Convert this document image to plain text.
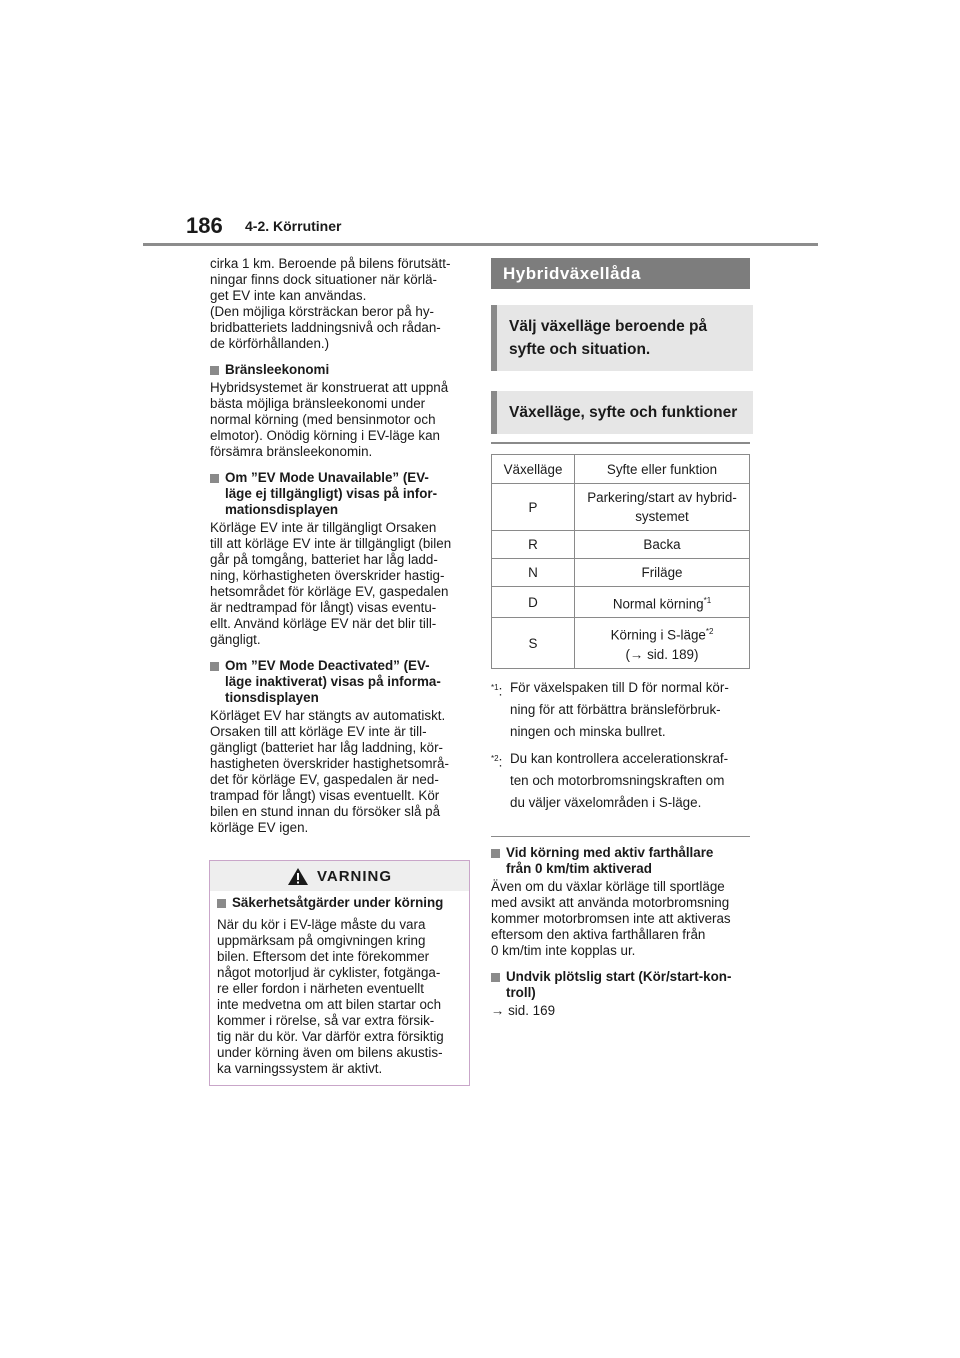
186 4-2. Körrutiner

cirka 1 km. Beroende på bilens förutsätt-
ningar finns dock situationer när körlä-
get EV inte kan användas.
(Den möjliga körsträckan beror på hy-
bridbatteriets laddningsnivå och rådan-
de körförhållanden.)

Bränsleekonomi
Hybridsystemet är konstruerat att uppnå
bästa möjliga bränsleekonomi under
normal körning (med bensinmotor och
elmotor). Onödig körning i EV-läge kan
försämra bränsleekonomin.
Om ”EV Mode Unavailable” (EV-
läge ej tillgängligt) visas på infor-
mationsdisplayen
Körläge EV inte är tillgängligt Orsaken
till att körläge EV inte är tillgängligt (bilen
går på tomgång, batteriet har låg ladd-
ning, körhastigheten överskrider hastig-
hetsområdet för körläge EV, gaspedalen
är nedtrampad för långt) visas eventu-
ellt. Använd körläge EV när det blir till-
gängligt.
Om ”EV Mode Deactivated” (EV-
läge inaktiverat) visas på informa-
tionsdisplayen
Körläget EV har stängts av automatiskt.
Orsaken till att körläge EV inte är till-
gängligt (batteriet har låg laddning, kör-
hastigheten överskrider hastighetsområ-
det för körläge EV, gaspedalen är ned-
trampad för långt) visas eventuellt. Kör
bilen en stund innan du försöker slå på
körläge EV igen.
VARNING
Säkerhetsåtgärder under körning
När du kör i EV-läge måste du vara
uppmärksam på omgivningen kring
bilen. Eftersom det inte förekommer
något motorljud är cyklister, fotgänga-
re eller fordon i närheten eventuellt
inte medvetna om att bilen startar och
kommer i rörelse, så var extra försik-
tig när du kör. Var därför extra försiktig
under körning även om bilens akustis-
ka varningssystem är aktivt.
Hybridväxellåda
Välj växelläge beroende på syfte och situation.
Växelläge, syfte och funktioner
Växelläge	Syfte eller funktion
P	Parkering/start av hybrid-
systemet
R	Backa
N	Friläge
D	Normal körning$^{*1}$
S	Körning i S-läge$^{*2}$
(→ sid. 189)
$^{*1}$: För växelspaken till D för normal kör-
ning för att förbättra bränsleförbruk-
ningen och minska bullret.
$^{*2}$: Du kan kontrollera accelerationskraf-
ten och motorbromsningskraften om
du väljer växelområden i S-läge.
Vid körning med aktiv farthållare
från 0 km/tim aktiverad
Även om du växlar körläge till sportläge
med avsikt att använda motorbromsning
kommer motorbromsen inte att aktiveras
eftersom den aktiva farthållaren från
0 km/tim inte kopplas ur.
Undvik plötslig start (Kör/start-kon-
troll)
→ sid. 169
